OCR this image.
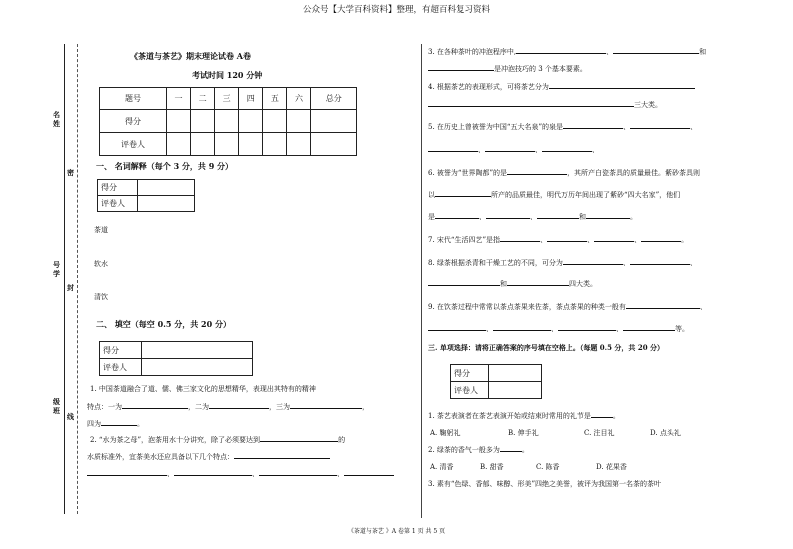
公众号【大学百科资料】整理，有超百科复习资料
名姓
号学
级班
密
封
线
《茶道与茶艺》期末理论试卷 A卷
考试时间 120 分钟
题号	一	二	三	四	五	六	总分
得分							
评卷人							
一、 名词解释（每个 3 分，共 9 分）
得分	
评卷人	
茶道
软水
清饮
二、 填空（每空 0.5 分，共 20 分）
得分	
评卷人	
1. 中国茶道融合了道、儒、佛三家文化的思想精华，表现出其特有的精神
特点：一为	，二为	，三为	，
四为	。
2. “水为茶之母”，泡茶用水十分讲究，除了必须要达到	的
水质标准外，宜茶美水还应具备以下几个特点：
、	、	、
3. 在各种茶叶的冲泡程序中,	、	和
是冲泡技巧的 3 个基本要素。
4. 根据茶艺的表现形式，可将茶艺分为
三大类。
5. 在历史上曾被誉为中国“五大名泉”的泉是	、	、
、	、	、
6. 被誉为“世界陶都”的是	，其所产白瓷茶具的质量最佳。紫砂茶具则
以	所产的品质最佳，明代万历年间出现了紫砂“四大名家”，他们
是	、	、	和	。
7. 宋代“生活四艺”是指	、	、	、	。
8. 绿茶根据杀青和干燥工艺的不同，可分为	、	、
和	四大类。
9. 在饮茶过程中常常以茶点茶果来佐茶，茶点茶果的种类一般有	、
、	、	、	等。
三. 单项选择：请将正确答案的序号填在空格上。（每题 0.5 分，共 20 分）
得分	
评卷人	
1. 茶艺表演者在茶艺表演开始或结束时常用的礼节是	。
A. 鞠躬礼	B. 伸手礼	C. 注目礼	D. 点头礼
2. 绿茶的香气一般多为	。
A. 清香	B. 甜香	C. 陈香	D. 花果香
3. 素有“色绿、香郁、味醇、形美”四绝之美誉，被评为我国第一名茶的茶叶
《茶道与茶艺 》A 卷第 1 页 共 5 页
